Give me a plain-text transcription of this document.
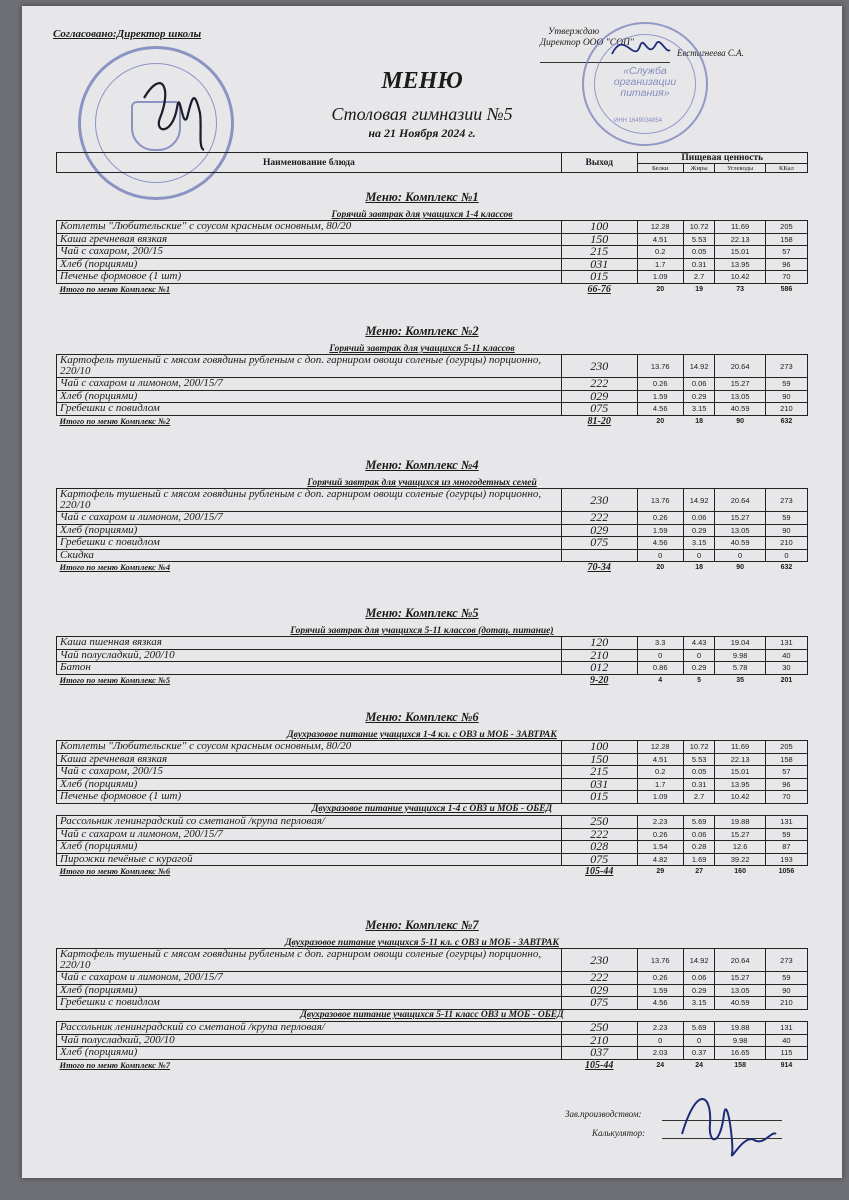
Согласовано:Директор школы	Утверждаю
Директор ООО "СОП"
Евстигнеева С.А.
«Служба организации питания»
ИНН 1649034854
МЕНЮ
Столовая гимназии №5
на 21 Ноября 2024 г.
Наименование блюда	Выход	Пищевая ценность			
		Белки	Жиры	Углеводы	ККал
Меню: Комплекс №1
Горячий завтрак для учащихся 1-4 классов
Котлеты "Любительские" с соусом красным основным, 80/20	100	12.28	10.72	11.69	205
Каша гречневая вязкая	150	4.51	5.53	22.13	158
Чай с сахаром, 200/15	215	0.2	0.05	15.01	57
Хлеб (порциями)	031	1.7	0.31	13.95	96
Печенье формовое (1 шт)	015	1.09	2.7	10.42	70
Итого по меню Комплекс №1	66-76	20	19	73	586
Меню: Комплекс №2
Горячий завтрак для учащихся 5-11 классов
Картофель тушеный с мясом говядины рубленым с доп. гарниром овощи соленые (огурцы) порционно, 220/10	230	13.76	14.92	20.64	273
Чай с сахаром и лимоном, 200/15/7	222	0.26	0.06	15.27	59
Хлеб (порциями)	029	1.59	0.29	13.05	90
Гребешки с повидлом	075	4.56	3.15	40.59	210
Итого по меню Комплекс №2	81-20	20	18	90	632
Меню: Комплекс №4
Горячий завтрак для учащихся из многодетных семей
Картофель тушеный с мясом говядины рубленым с доп. гарниром овощи соленые (огурцы) порционно, 220/10	230	13.76	14.92	20.64	273
Чай с сахаром и лимоном, 200/15/7	222	0.26	0.06	15.27	59
Хлеб (порциями)	029	1.59	0.29	13.05	90
Гребешки с повидлом	075	4.56	3.15	40.59	210
Скидка		0	0	0	0
Итого по меню Комплекс №4	70-34	20	18	90	632
Меню: Комплекс №5
Горячий завтрак для учащихся 5-11 классов (дотац. питание)
Каша пшенная вязкая	120	3.3	4.43	19.04	131
Чай полусладкий, 200/10	210	0	0	9.98	40
Батон	012	0.86	0.29	5.78	30
Итого по меню Комплекс №5	9-20	4	5	35	201
Меню: Комплекс №6
Двухразовое питание учащихся 1-4 кл. с ОВЗ и МОБ - ЗАВТРАК
Котлеты "Любительские" с соусом красным основным, 80/20	100	12.28	10.72	11.69	205
Каша гречневая вязкая	150	4.51	5.53	22.13	158
Чай с сахаром, 200/15	215	0.2	0.05	15.01	57
Хлеб (порциями)	031	1.7	0.31	13.95	96
Печенье формовое (1 шт)	015	1.09	2.7	10.42	70
Двухразовое питание учащихся 1-4 с ОВЗ и МОБ - ОБЕД					
Рассольник ленинградский со сметаной /крупа перловая/	250	2.23	5.69	19.88	131
Чай с сахаром и лимоном, 200/15/7	222	0.26	0.06	15.27	59
Хлеб (порциями)	028	1.54	0.28	12.6	87
Пирожки печёные с курагой	075	4.82	1.69	39.22	193
Итого по меню Комплекс №6	105-44	29	27	160	1056
Меню: Комплекс №7
Двухразовое питание учащихся 5-11 кл. с ОВЗ и МОБ - ЗАВТРАК
Картофель тушеный с мясом говядины рубленым с доп. гарниром овощи соленые (огурцы) порционно, 220/10	230	13.76	14.92	20.64	273
Чай с сахаром и лимоном, 200/15/7	222	0.26	0.06	15.27	59
Хлеб (порциями)	029	1.59	0.29	13.05	90
Гребешки с повидлом	075	4.56	3.15	40.59	210
Двухразовое питание учащихся 5-11 класс ОВЗ и МОБ - ОБЕД					
Рассольник ленинградский со сметаной /крупа перловая/	250	2.23	5.69	19.88	131
Чай полусладкий, 200/10	210	0	0	9.98	40
Хлеб (порциями)	037	2.03	0.37	16.65	115
Итого по меню Комплекс №7	105-44	24	24	158	914
Зав.производством:
Калькулятор:
